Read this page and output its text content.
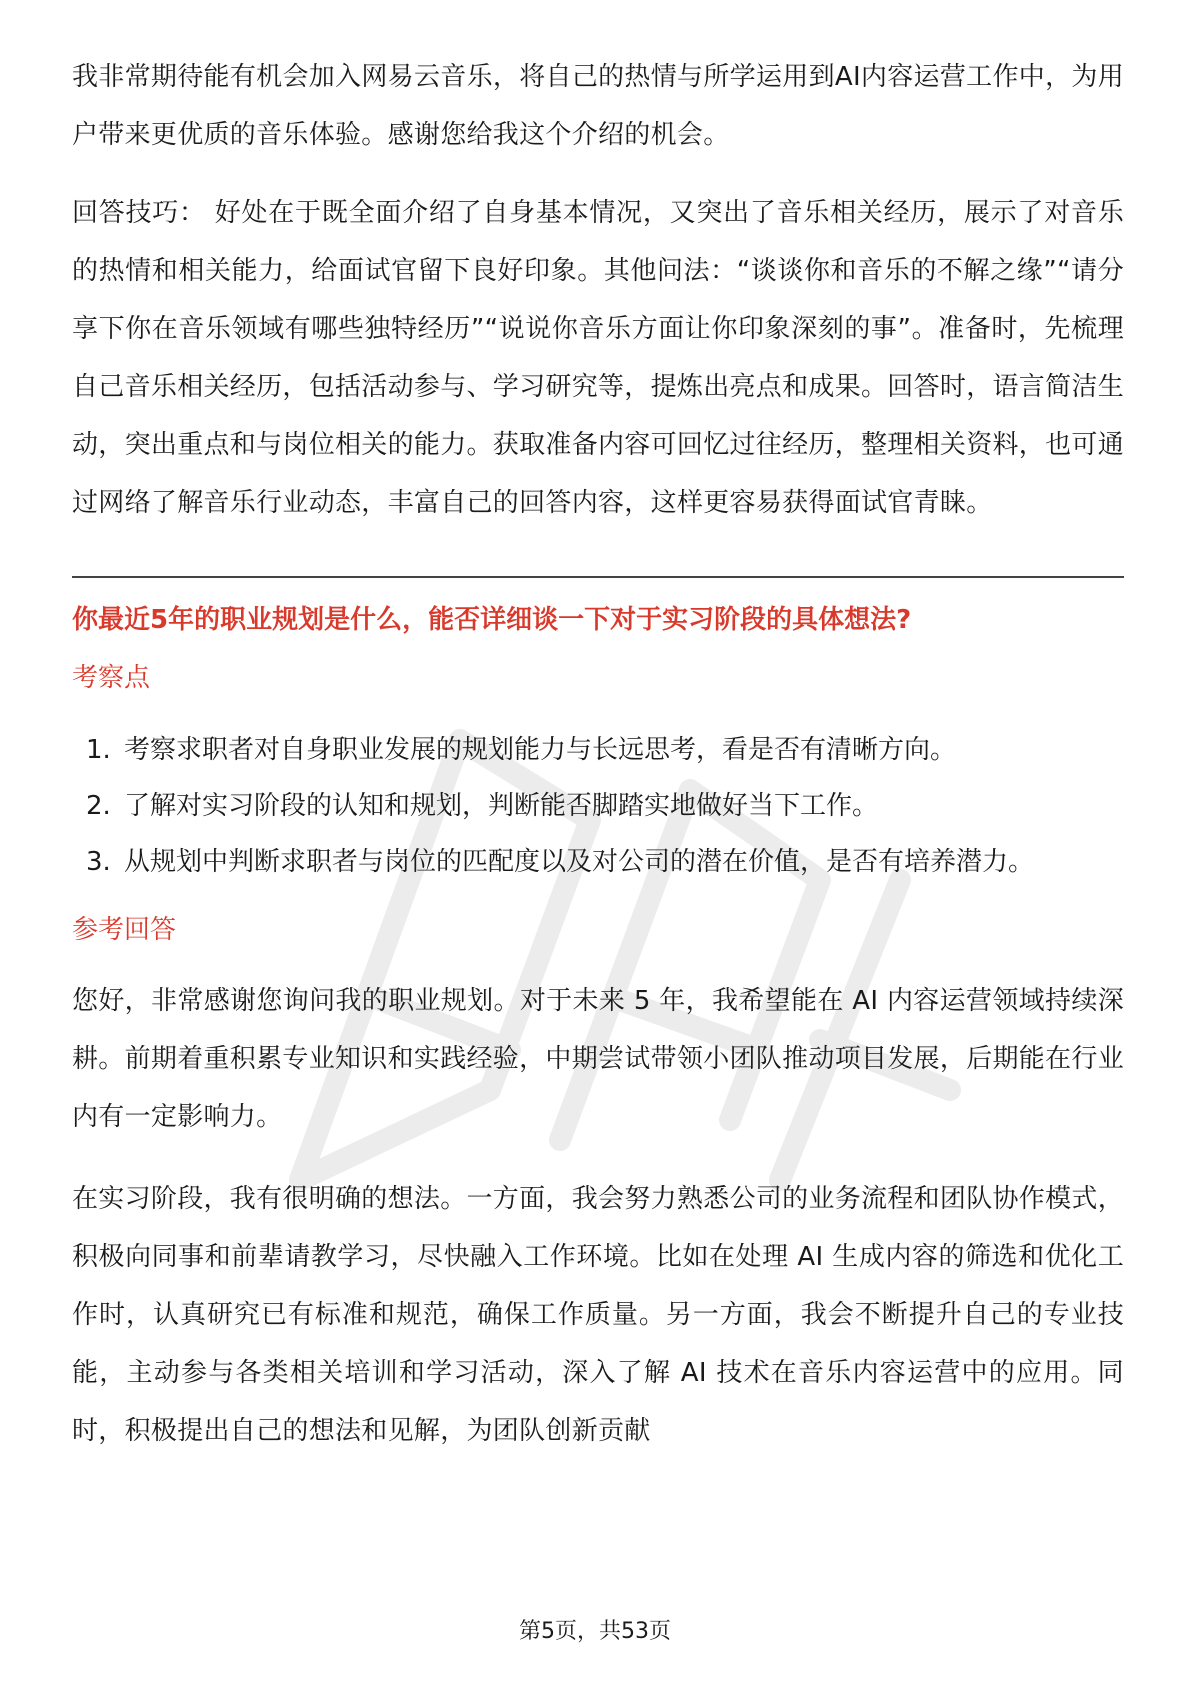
我非常期待能有机会加入网易云音乐，将自己的热情与所学运用到AI内容运营工作中，为用户带来更优质的音乐体验。感谢您给我这个介绍的机会。

回答技巧： 好处在于既全面介绍了自身基本情况，又突出了音乐相关经历，展示了对音乐的热情和相关能力，给面试官留下良好印象。其他问法：“谈谈你和音乐的不解之缘”“请分享下你在音乐领域有哪些独特经历”“说说你音乐方面让你印象深刻的事”。准备时，先梳理自己音乐相关经历，包括活动参与、学习研究等，提炼出亮点和成果。回答时，语言简洁生动，突出重点和与岗位相关的能力。获取准备内容可回忆过往经历，整理相关资料，也可通过网络了解音乐行业动态，丰富自己的回答内容，这样更容易获得面试官青睐。

你最近5年的职业规划是什么，能否详细谈一下对于实习阶段的具体想法?
考察点
1. 考察求职者对自身职业发展的规划能力与长远思考，看是否有清晰方向。
2. 了解对实习阶段的认知和规划，判断能否脚踏实地做好当下工作。
3. 从规划中判断求职者与岗位的匹配度以及对公司的潜在价值，是否有培养潜力。
参考回答

您好，非常感谢您询问我的职业规划。对于未来 5 年，我希望能在 AI 内容运营领域持续深耕。前期着重积累专业知识和实践经验，中期尝试带领小团队推动项目发展，后期能在行业内有一定影响力。

在实习阶段，我有很明确的想法。一方面，我会努力熟悉公司的业务流程和团队协作模式，积极向同事和前辈请教学习，尽快融入工作环境。比如在处理 AI 生成内容的筛选和优化工作时，认真研究已有标准和规范，确保工作质量。另一方面，我会不断提升自己的专业技能，主动参与各类相关培训和学习活动，深入了解 AI 技术在音乐内容运营中的应用。同时，积极提出自己的想法和见解，为团队创新贡献

第5页，共53页
